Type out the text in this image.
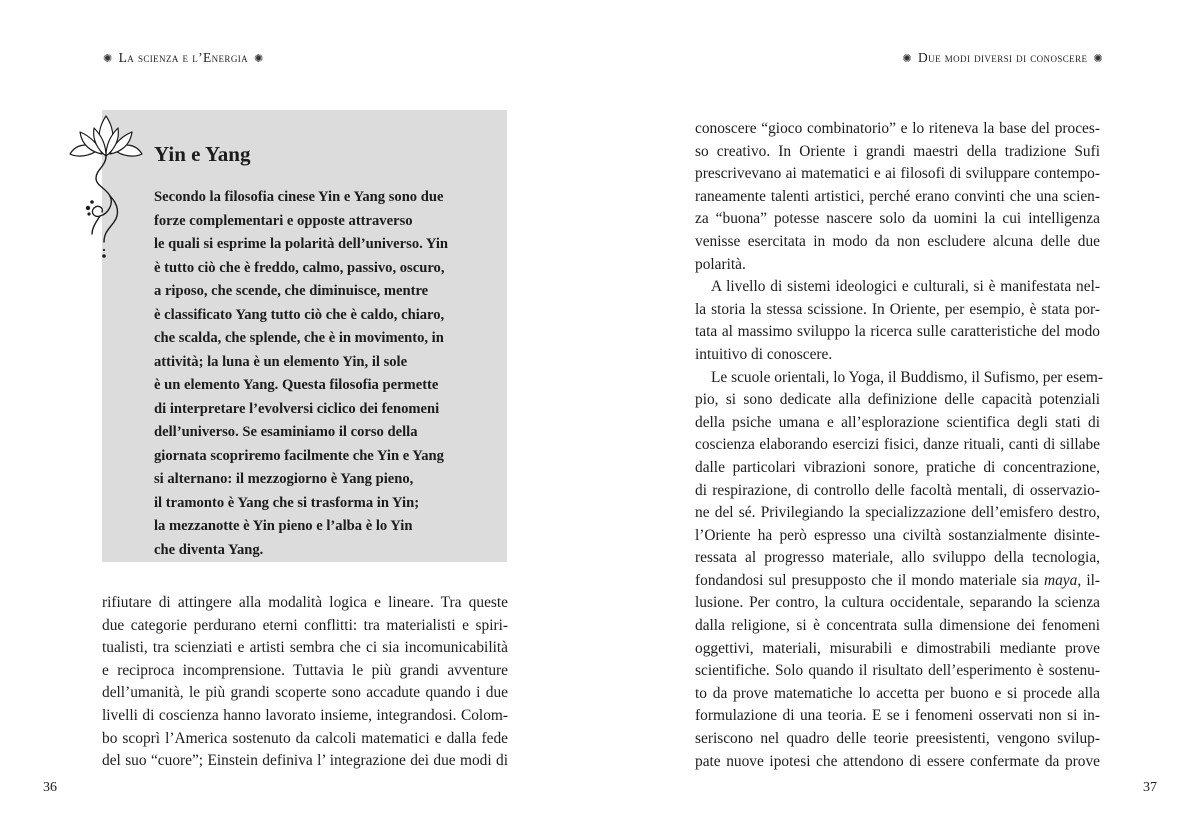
✺ La scienza e l’Energia ✺
Yin e Yang
Secondo la filosofia cinese Yin e Yang sono due
forze complementari e opposte attraverso
le quali si esprime la polarità dell’universo. Yin
è tutto ciò che è freddo, calmo, passivo, oscuro,
a riposo, che scende, che diminuisce, mentre
è classificato Yang tutto ciò che è caldo, chiaro,
che scalda, che splende, che è in movimento, in
attività; la luna è un elemento Yin, il sole
è un elemento Yang. Questa filosofia permette
di interpretare l’evolversi ciclico dei fenomeni
dell’universo. Se esaminiamo il corso della
giornata scopriremo facilmente che Yin e Yang
si alternano: il mezzogiorno è Yang pieno,
il tramonto è Yang che si trasforma in Yin;
la mezzanotte è Yin pieno e l’alba è lo Yin
che diventa Yang.
rifiutare di attingere alla modalità logica e lineare. Tra queste
due categorie perdurano eterni conflitti: tra materialisti e spiri-
tualisti, tra scienziati e artisti sembra che ci sia incomunicabilità
e reciproca incomprensione. Tuttavia le più grandi avventure
dell’umanità, le più grandi scoperte sono accadute quando i due
livelli di coscienza hanno lavorato insieme, integrandosi. Colom-
bo scoprì l’America sostenuto da calcoli matematici e dalla fede
del suo “cuore”; Einstein definiva l’ integrazione dei due modi di
36
✺ Due modi diversi di conoscere ✺
conoscere “gioco combinatorio” e lo riteneva la base del proces-
so creativo. In Oriente i grandi maestri della tradizione Sufi
prescrivevano ai matematici e ai filosofi di sviluppare contempo-
raneamente talenti artistici, perché erano convinti che una scien-
za “buona” potesse nascere solo da uomini la cui intelligenza
venisse esercitata in modo da non escludere alcuna delle due
polarità.
A livello di sistemi ideologici e culturali, si è manifestata nel-
la storia la stessa scissione. In Oriente, per esempio, è stata por-
tata al massimo sviluppo la ricerca sulle caratteristiche del modo
intuitivo di conoscere.
Le scuole orientali, lo Yoga, il Buddismo, il Sufismo, per esem-
pio, si sono dedicate alla definizione delle capacità potenziali
della psiche umana e all’esplorazione scientifica degli stati di
coscienza elaborando esercizi fisici, danze rituali, canti di sillabe
dalle particolari vibrazioni sonore, pratiche di concentrazione,
di respirazione, di controllo delle facoltà mentali, di osservazio-
ne del sé. Privilegiando la specializzazione dell’emisfero destro,
l’Oriente ha però espresso una civiltà sostanzialmente disinte-
ressata al progresso materiale, allo sviluppo della tecnologia,
fondandosi sul presupposto che il mondo materiale sia maya, il-
lusione. Per contro, la cultura occidentale, separando la scienza
dalla religione, si è concentrata sulla dimensione dei fenomeni
oggettivi, materiali, misurabili e dimostrabili mediante prove
scientifiche. Solo quando il risultato dell’esperimento è sostenu-
to da prove matematiche lo accetta per buono e si procede alla
formulazione di una teoria. E se i fenomeni osservati non si in-
seriscono nel quadro delle teorie preesistenti, vengono svilup-
pate nuove ipotesi che attendono di essere confermate da prove
37
